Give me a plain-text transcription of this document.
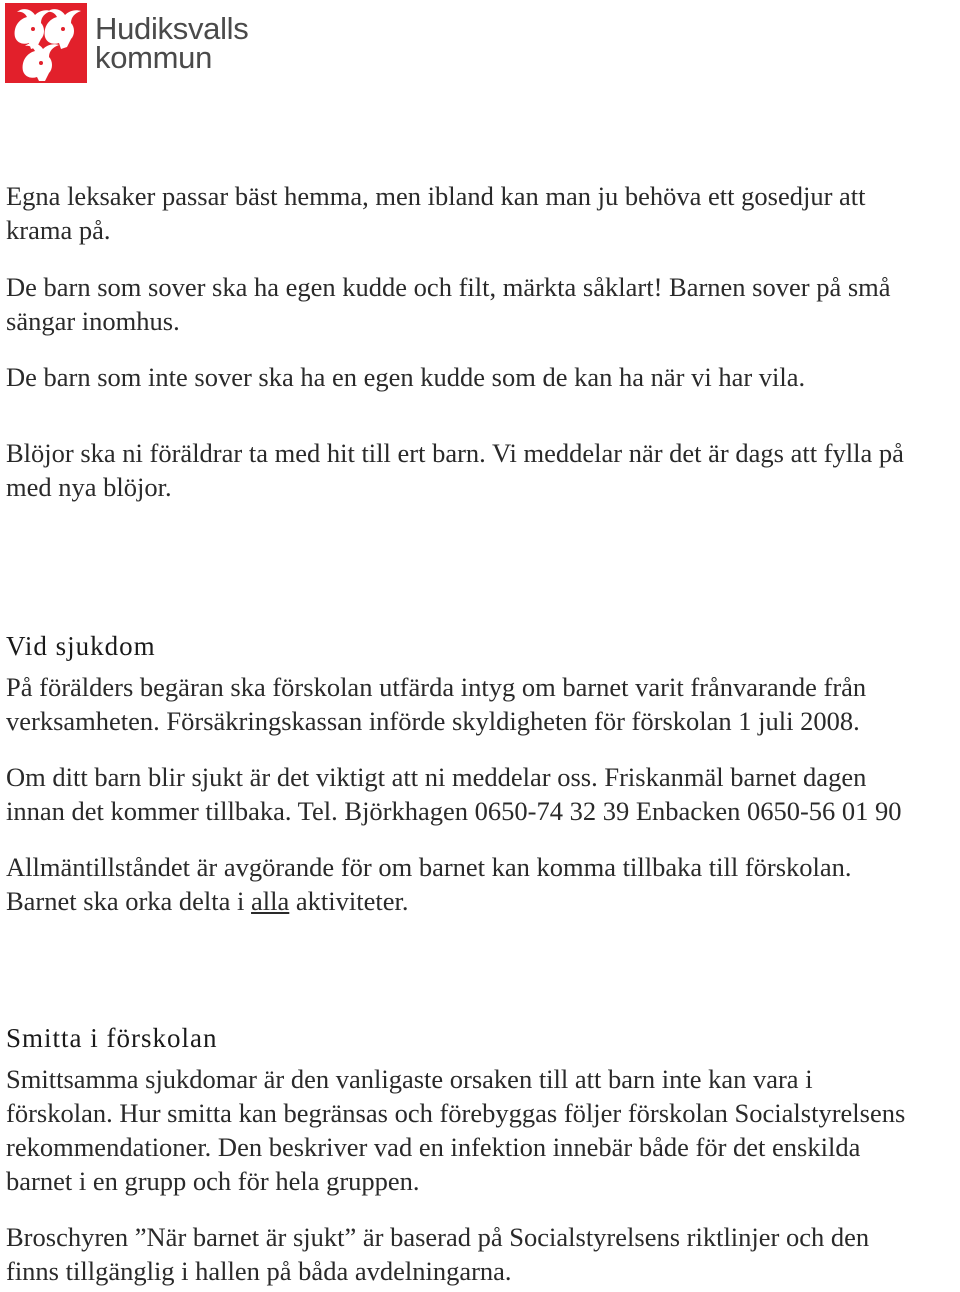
Hudiksvalls
kommun
Egna leksaker passar bäst hemma, men ibland kan man ju behöva ett gosedjur att
krama på.
De barn som sover ska ha egen kudde och filt, märkta såklart! Barnen sover på små
sängar inomhus.
De barn som inte sover ska ha en egen kudde som de kan ha när vi har vila.
Blöjor ska ni föräldrar ta med hit till ert barn. Vi meddelar när det är dags att fylla på
med nya blöjor.
Vid sjukdom
På förälders begäran ska förskolan utfärda intyg om barnet varit frånvarande från
verksamheten. Försäkringskassan införde skyldigheten för förskolan 1 juli 2008.
Om ditt barn blir sjukt är det viktigt att ni meddelar oss. Friskanmäl barnet dagen
innan det kommer tillbaka. Tel. Björkhagen 0650-74 32 39 Enbacken 0650-56 01 90
Allmäntillståndet är avgörande för om barnet kan komma tillbaka till förskolan.
Barnet ska orka delta i alla aktiviteter.
Smitta i förskolan
Smittsamma sjukdomar är den vanligaste orsaken till att barn inte kan vara i
förskolan. Hur smitta kan begränsas och förebyggas följer förskolan Socialstyrelsens
rekommendationer. Den beskriver vad en infektion innebär både för det enskilda
barnet i en grupp och för hela gruppen.
Broschyren ”När barnet är sjukt” är baserad på Socialstyrelsens riktlinjer och den
finns tillgänglig i hallen på båda avdelningarna.
